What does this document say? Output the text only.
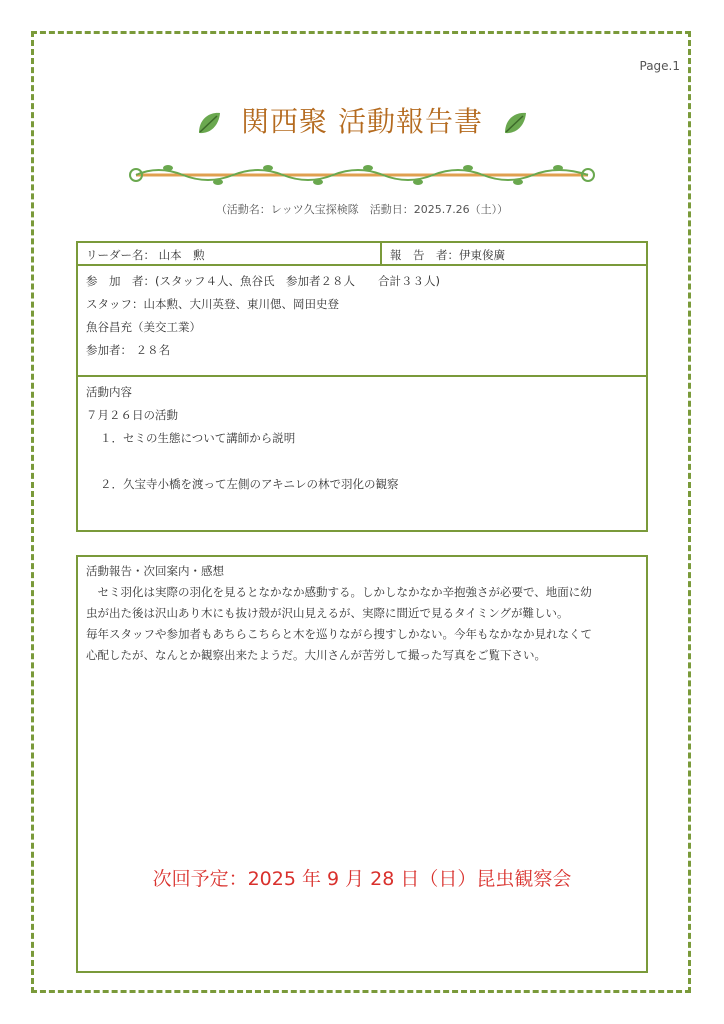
Page.1
関西聚 活動報告書
（活動名：レッツ久宝探検隊　活動日：2025.7.26（土））
リーダー名： 山本　勲	報　告　者：伊東俊廣
参　加　者：(スタッフ４人、魚谷氏　参加者２８人　　合計３３人)
スタッフ：山本勲、大川英登、東川偲、岡田史登
魚谷昌充（美交工業）
参加者： ２８名
活動内容
７月２６日の活動
１．セミの生態について講師から説明

２．久宝寺小橋を渡って左側のアキニレの林で羽化の観察

活動報告・次回案内・感想

　セミ羽化は実際の羽化を見るとなかなか感動する。しかしなかなか辛抱強さが必要で、地面に幼

虫が出た後は沢山あり木にも抜け殻が沢山見えるが、実際に間近で見るタイミングが難しい。

毎年スタッフや参加者もあちらこちらと木を巡りながら捜すしかない。今年もなかなか見れなくて

心配したが、なんとか観察出来たようだ。大川さんが苦労して撮った写真をご覧下さい。

次回予定：2025 年 9 月 28 日（日）昆虫観察会
